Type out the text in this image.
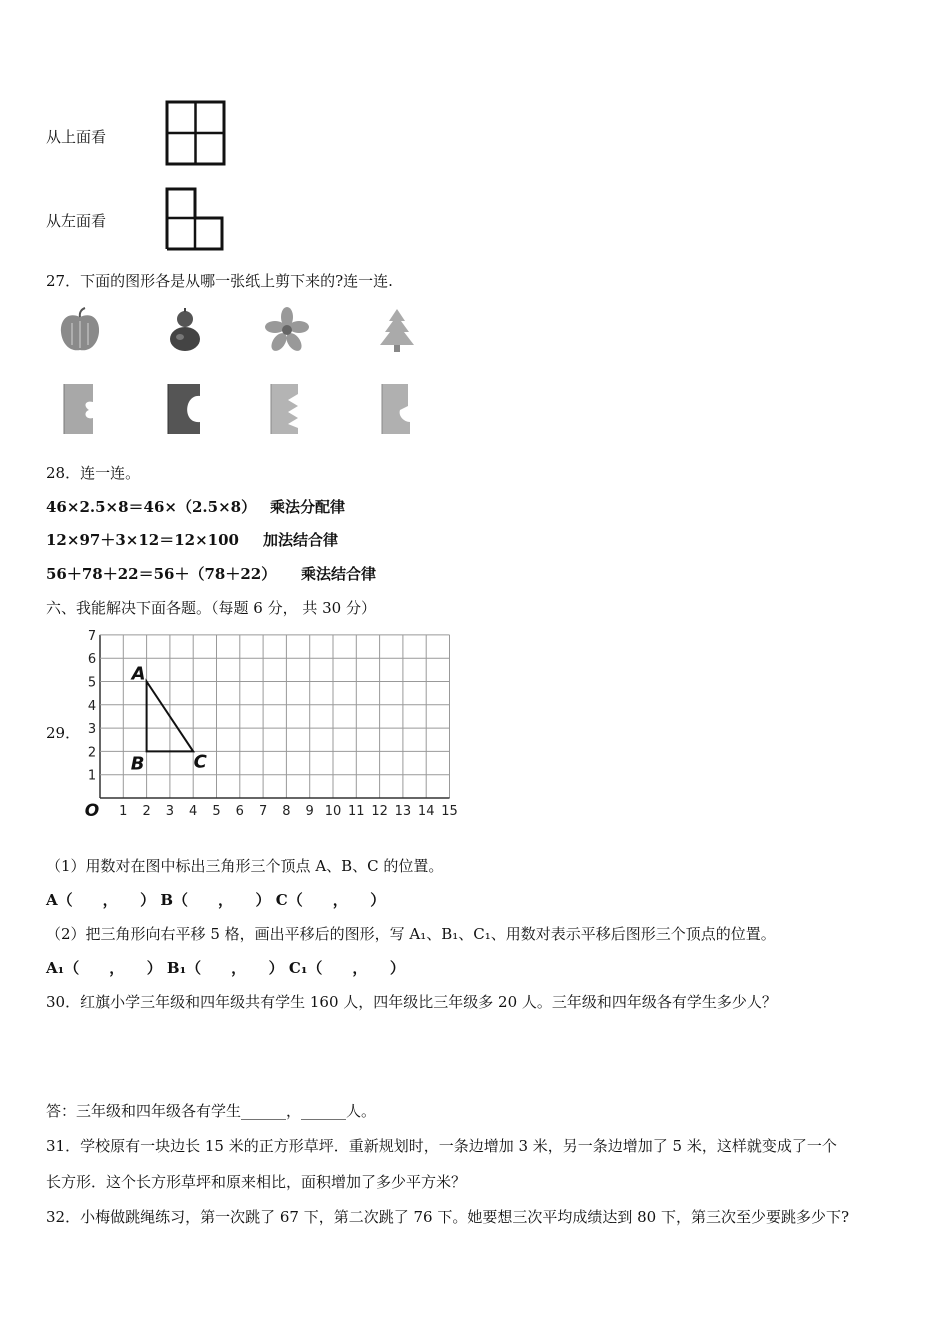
从上面看
从左面看
27．下面的图形各是从哪一张纸上剪下来的?连一连.
28．连一连。
46×2.5×8＝46×（2.5×8） 乘法分配律
12×97＋3×12＝12×100 加法结合律
56＋78＋22＝56＋（78＋22） 乘法结合律
六、我能解决下面各题。（每题 6 分， 共 30 分）
29．
1 2 3 4 5 6 7 8 9 10 11 12 13 14 15
1
2
3
4
5
6
7
O
A
B	C
（1）用数对在图中标出三角形三个顶点 A、B、C 的位置。
A（　　，　　） B（　　，　　） C（　　，　　）
（2）把三角形向右平移 5 格，画出平移后的图形，写 A₁、B₁、C₁、用数对表示平移后图形三个顶点的位置。
A₁（　　，　　） B₁（　　，　　） C₁（　　，　　）
30．红旗小学三年级和四年级共有学生 160 人，四年级比三年级多 20 人。三年级和四年级各有学生多少人？
答：三年级和四年级各有学生______，______人。
31．学校原有一块边长 15 米的正方形草坪．重新规划时，一条边增加 3 米，另一条边增加了 5 米，这样就变成了一个
长方形．这个长方形草坪和原来相比，面积增加了多少平方米？
32．小梅做跳绳练习，第一次跳了 67 下，第二次跳了 76 下。她要想三次平均成绩达到 80 下，第三次至少要跳多少下?
